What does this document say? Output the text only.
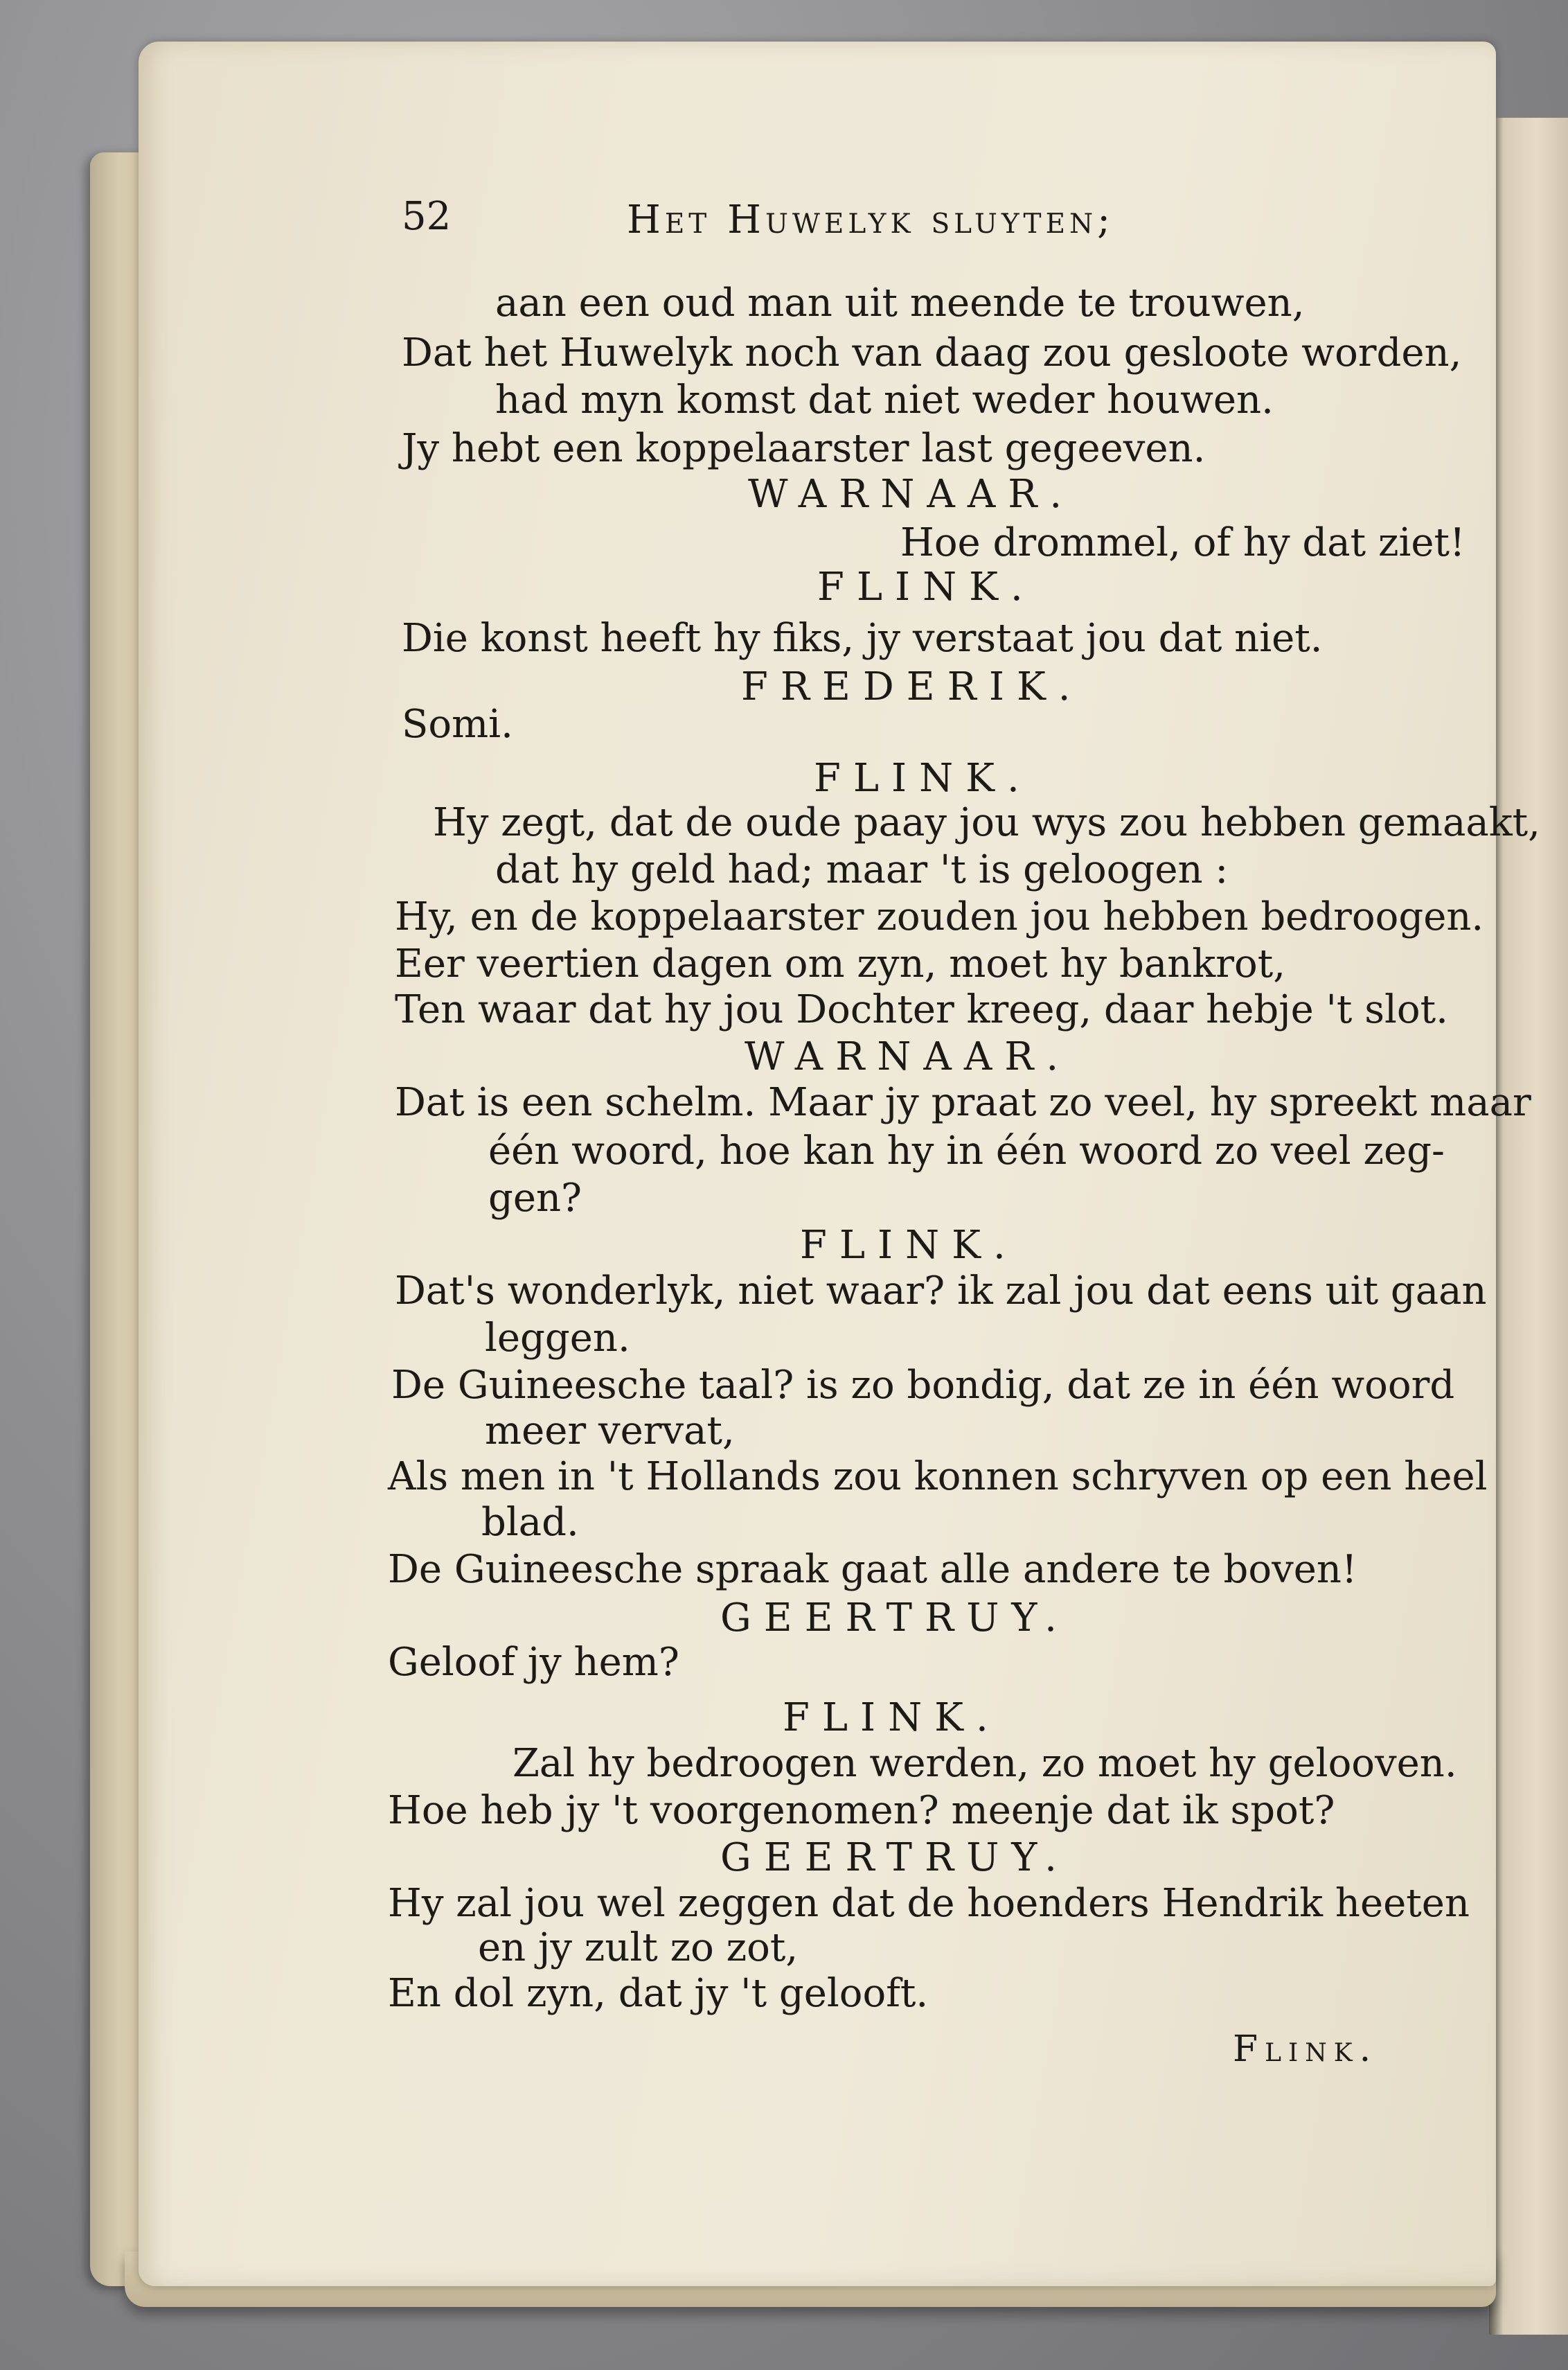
52	Het Huwelyk sluyten;
aan een oud man uit meende te trouwen,
Dat het Huwelyk noch van daag zou gesloote worden,
had myn komst dat niet weder houwen.
Jy hebt een koppelaarster last gegeeven.
WARNAAR.
Hoe drommel, of hy dat ziet!
FLINK.
Die konst heeft hy fiks, jy verstaat jou dat niet.
FREDERIK.
Somi.
FLINK.
Hy zegt, dat de oude paay jou wys zou hebben gemaakt,
dat hy geld had; maar 't is geloogen :
Hy, en de koppelaarster zouden jou hebben bedroogen.
Eer veertien dagen om zyn, moet hy bankrot,
Ten waar dat hy jou Dochter kreeg, daar hebje 't slot.
WARNAAR.
Dat is een schelm. Maar jy praat zo veel, hy spreekt maar
één woord, hoe kan hy in één woord zo veel zeg-
gen?
FLINK.
Dat's wonderlyk, niet waar? ik zal jou dat eens uit gaan
leggen.
De Guineesche taal? is zo bondig, dat ze in één woord
meer vervat,
Als men in 't Hollands zou konnen schryven op een heel
blad.
De Guineesche spraak gaat alle andere te boven!
GEERTRUY.
Geloof jy hem?
FLINK.
Zal hy bedroogen werden, zo moet hy gelooven.
Hoe heb jy 't voorgenomen? meenje dat ik spot?
GEERTRUY.
Hy zal jou wel zeggen dat de hoenders Hendrik heeten
en jy zult zo zot,
En dol zyn, dat jy 't gelooft.
Flink.
